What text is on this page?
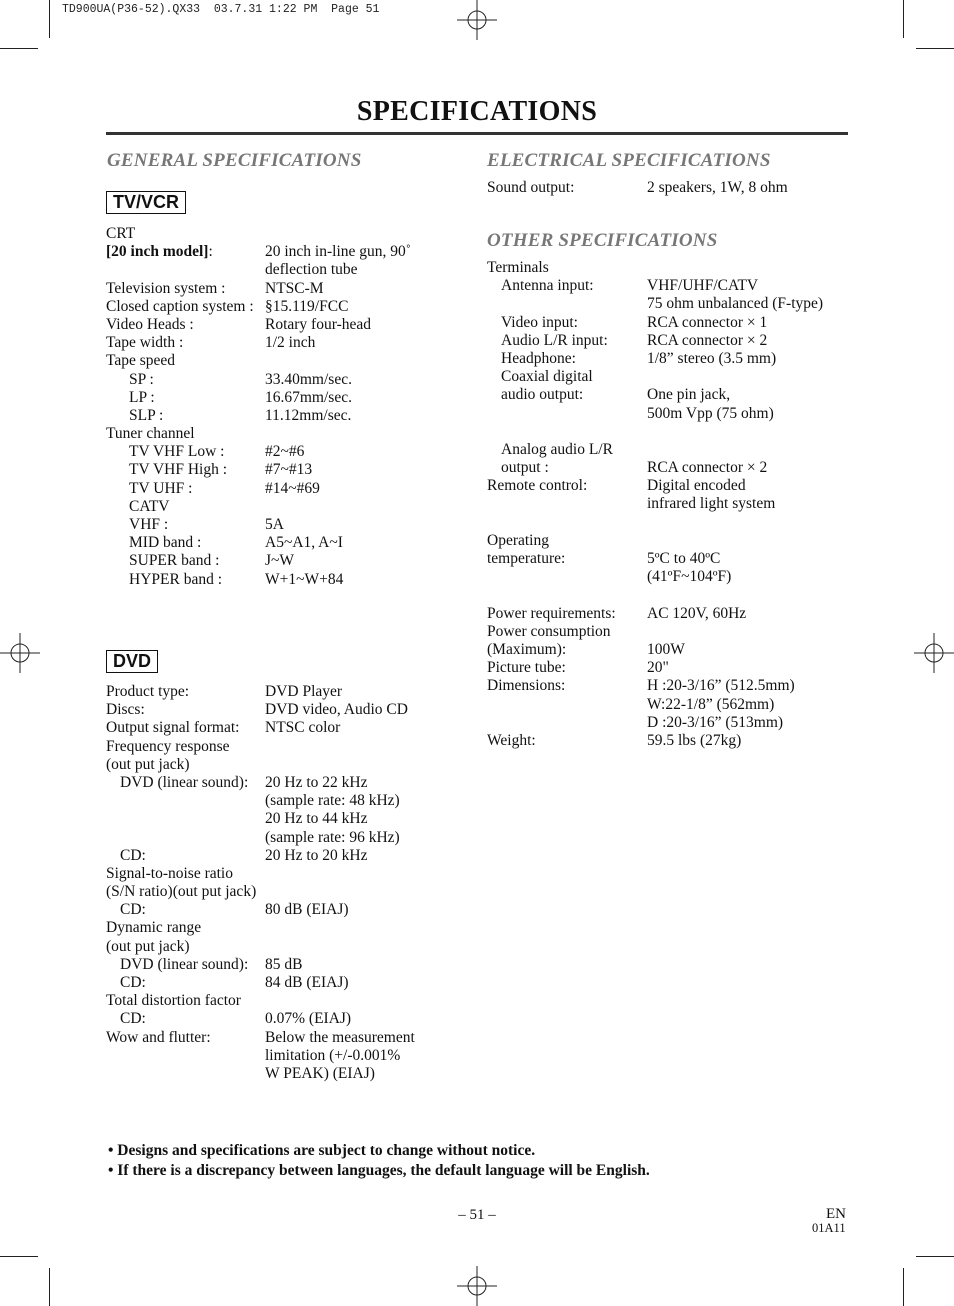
TD900UA(P36-52).QX33  03.7.31 1:22 PM  Page 51
SPECIFICATIONS
GENERAL SPECIFICATIONS	ELECTRICAL SPECIFICATIONS
OTHER SPECIFICATIONS
TV/VCR
DVD
CRT
[20 inch model]:	20 inch in-line gun, 90˚
deflection tube
Television system :	NTSC-M
Closed caption system : §15.119/FCC
Video Heads :	Rotary four-head
Tape width :	1/2 inch
Tape speed
SP :	33.40mm/sec.
LP :	16.67mm/sec.
SLP :	11.12mm/sec.
Tuner channel
TV VHF Low :	#2~#6
TV VHF High : #7~#13
TV UHF :	#14~#69
CATV
VHF :	5A
MID band :	A5~A1, A~I
SUPER band :	J~W
HYPER band :	W+1~W+84
Product type:	DVD Player
Discs:	DVD video, Audio CD
Output signal format: NTSC color
Frequency response
(out put jack)
DVD (linear sound): 20 Hz to 22 kHz
(sample rate: 48 kHz)
20 Hz to 44 kHz
(sample rate: 96 kHz)
CD:	20 Hz to 20 kHz
Signal-to-noise ratio
(S/N ratio)(out put jack)
CD:	80 dB (EIAJ)
Dynamic range
(out put jack)
DVD (linear sound): 85 dB
CD:	84 dB (EIAJ)
Total distortion factor
CD:	0.07% (EIAJ)
Wow and flutter:	Below the measurement
limitation (+/-0.001%
W PEAK) (EIAJ)
Sound output:	2 speakers, 1W, 8 ohm
Terminals
Antenna input:	VHF/UHF/CATV
75 ohm unbalanced (F-type)
Video input:	RCA connector × 1
Audio L/R input:	RCA connector × 2
Headphone:	1/8” stereo (3.5 mm)
Coaxial digital
audio output:	One pin jack,
500m Vpp (75 ohm)
Analog audio L/R
output :	RCA connector × 2
Remote control:	Digital encoded
infrared light system
Operating
temperature:	5ºC to 40ºC
(41ºF~104ºF)
Power requirements: AC 120V, 60Hz
Power consumption
(Maximum):	100W
Picture tube:	20"
Dimensions:	H :20-3/16” (512.5mm)
W:22-1/8” (562mm)
D :20-3/16” (513mm)
Weight:	59.5 lbs (27kg)
• Designs and specifications are subject to change without notice.
• If there is a discrepancy between languages, the default language will be English.
– 51 –	EN
01A11
